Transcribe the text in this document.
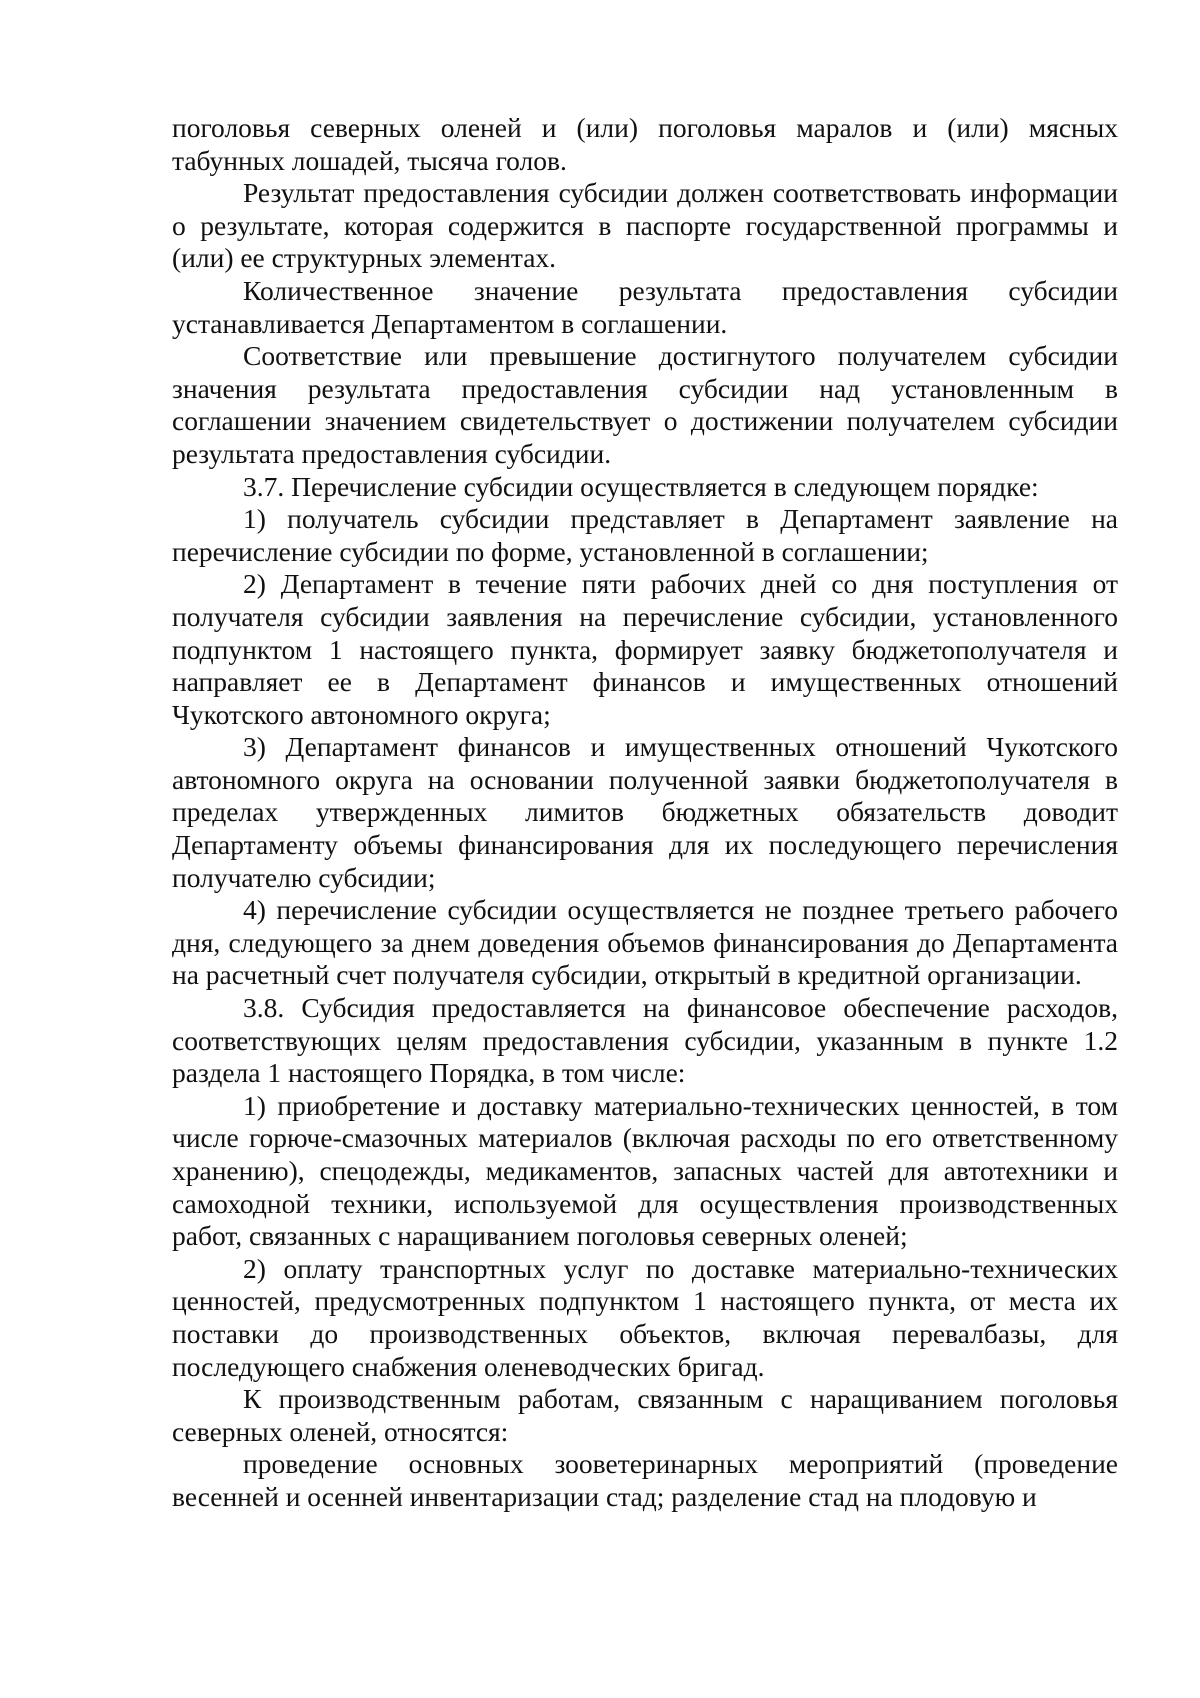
поголовья северных оленей и (или) поголовья маралов и (или) мясных табунных лошадей, тысяча голов.

Результат предоставления субсидии должен соответствовать информации о результате, которая содержится в паспорте государственной программы и (или) ее структурных элементах.

Количественное значение результата предоставления субсидии устанавливается Департаментом в соглашении.

Соответствие или превышение достигнутого получателем субсидии значения результата предоставления субсидии над установленным в соглашении значением свидетельствует о достижении получателем субсидии результата предоставления субсидии.

3.7. Перечисление субсидии осуществляется в следующем порядке:

1) получатель субсидии представляет в Департамент заявление на перечисление субсидии по форме, установленной в соглашении;

2) Департамент в течение пяти рабочих дней со дня поступления от получателя субсидии заявления на перечисление субсидии, установленного подпунктом 1 настоящего пункта, формирует заявку бюджетополучателя и направляет ее в Департамент финансов и имущественных отношений Чукотского автономного округа;

3) Департамент финансов и имущественных отношений Чукотского автономного округа на основании полученной заявки бюджетополучателя в пределах утвержденных лимитов бюджетных обязательств доводит Департаменту объемы финансирования для их последующего перечисления получателю субсидии;

4) перечисление субсидии осуществляется не позднее третьего рабочего дня, следующего за днем доведения объемов финансирования до Департамента на расчетный счет получателя субсидии, открытый в кредитной организации.

3.8. Субсидия предоставляется на финансовое обеспечение расходов, соответствующих целям предоставления субсидии, указанным в пункте 1.2 раздела 1 настоящего Порядка, в том числе:

1) приобретение и доставку материально-технических ценностей, в том числе горюче-смазочных материалов (включая расходы по его ответственному хранению), спецодежды, медикаментов, запасных частей для автотехники и самоходной техники, используемой для осуществления производственных работ, связанных с наращиванием поголовья северных оленей;

2) оплату транспортных услуг по доставке материально-технических ценностей, предусмотренных подпунктом 1 настоящего пункта, от места их поставки до производственных объектов, включая перевалбазы, для последующего снабжения оленеводческих бригад.

К производственным работам, связанным с наращиванием поголовья северных оленей, относятся:

проведение основных зооветеринарных мероприятий (проведение весенней и осенней инвентаризации стад; разделение стад на плодовую и
